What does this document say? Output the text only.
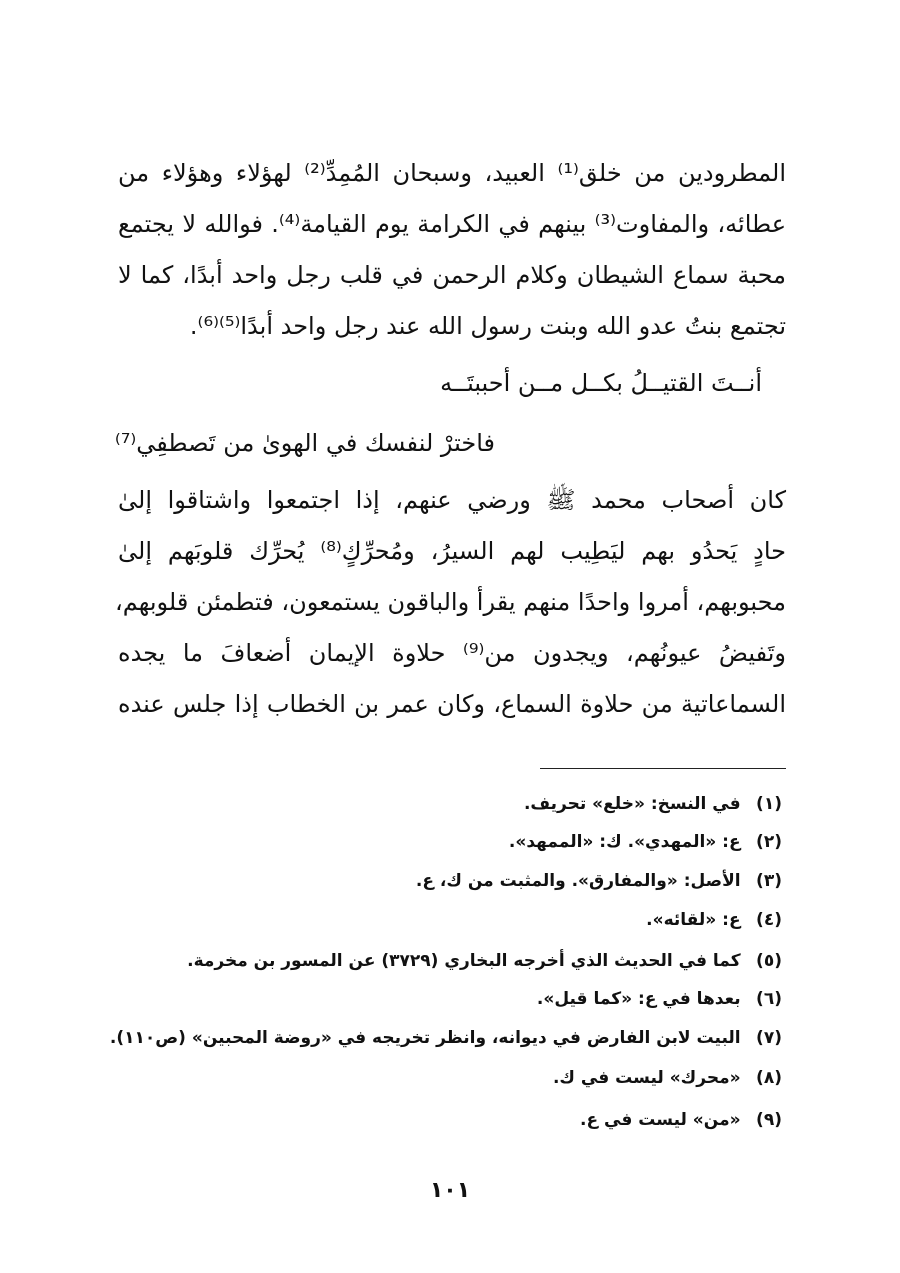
المطرودين من خلق⁽¹⁾ العبيد، وسبحان المُمِدِّ⁽²⁾ لهؤلاء وهؤلاء من
عطائه، والمفاوت⁽³⁾ بينهم في الكرامة يوم القيامة⁽⁴⁾. فوالله لا يجتمع
محبة سماع الشيطان وكلام الرحمن في قلب رجل واحد أبدًا، كما لا
تجتمع بنتُ عدو الله وبنت رسول الله عند رجل واحد أبدًا⁽⁵⁾⁽⁶⁾.
أنــتَ القتيــلُ بكــل مــن أحببتَــه
فاخترْ لنفسك في الهوىٰ من تَصطفِي⁽⁷⁾
كان أصحاب محمد ﷺ ورضي عنهم، إذا اجتمعوا واشتاقوا إلىٰ
حادٍ يَحدُو بهم ليَطِيب لهم السيرُ، ومُحرِّكٍ⁽⁸⁾ يُحرِّك قلوبَهم إلىٰ
محبوبهم، أمروا واحدًا منهم يقرأ والباقون يستمعون، فتطمئن قلوبهم،
وتَفيضُ عيونُهم، ويجدون من⁽⁹⁾ حلاوة الإيمان أضعافَ ما يجده
السماعاتية من حلاوة السماع، وكان عمر بن الخطاب إذا جلس عنده
(١) في النسخ: «خلع» تحريف.
(٢) ع: «المهدي». ك: «الممهد».
(٣) الأصل: «والمفارق». والمثبت من ك، ع.
(٤) ع: «لقائه».
(٥) كما في الحديث الذي أخرجه البخاري (٣٧٢٩) عن المسور بن مخرمة.
(٦) بعدها في ع: «كما قيل».
(٧) البيت لابن الفارض في ديوانه، وانظر تخريجه في «روضة المحبين» (ص١١٠).
(٨) «محرك» ليست في ك.
(٩) «من» ليست في ع.
١٠١
